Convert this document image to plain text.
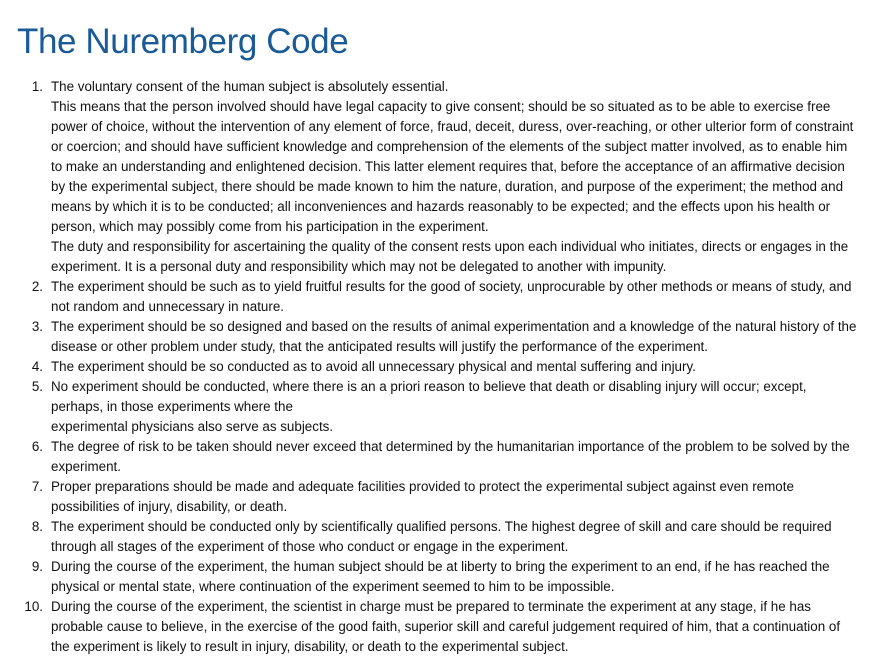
The Nuremberg Code
1. The voluntary consent of the human subject is absolutely essential.
This means that the person involved should have legal capacity to give consent; should be so situated as to be able to exercise free power of choice, without the intervention of any element of force, fraud, deceit, duress, over-reaching, or other ulterior form of constraint or coercion; and should have sufficient knowledge and comprehension of the elements of the subject matter involved, as to enable him to make an understanding and enlightened decision. This latter element requires that, before the acceptance of an affirmative decision by the experimental subject, there should be made known to him the nature, duration, and purpose of the experiment; the method and means by which it is to be conducted; all inconveniences and hazards reasonably to be expected; and the effects upon his health or person, which may possibly come from his participation in the experiment.
The duty and responsibility for ascertaining the quality of the consent rests upon each individual who initiates, directs or engages in the experiment. It is a personal duty and responsibility which may not be delegated to another with impunity.
2. The experiment should be such as to yield fruitful results for the good of society, unprocurable by other methods or means of study, and not random and unnecessary in nature.
3. The experiment should be so designed and based on the results of animal experimentation and a knowledge of the natural history of the disease or other problem under study, that the anticipated results will justify the performance of the experiment.
4. The experiment should be so conducted as to avoid all unnecessary physical and mental suffering and injury.
5. No experiment should be conducted, where there is an a priori reason to believe that death or disabling injury will occur; except, perhaps, in those experiments where the
experimental physicians also serve as subjects.
6. The degree of risk to be taken should never exceed that determined by the humanitarian importance of the problem to be solved by the experiment.
7. Proper preparations should be made and adequate facilities provided to protect the experimental subject against even remote possibilities of injury, disability, or death.
8. The experiment should be conducted only by scientifically qualified persons. The highest degree of skill and care should be required through all stages of the experiment of those who conduct or engage in the experiment.
9. During the course of the experiment, the human subject should be at liberty to bring the experiment to an end, if he has reached the physical or mental state, where continuation of the experiment seemed to him to be impossible.
10. During the course of the experiment, the scientist in charge must be prepared to terminate the experiment at any stage, if he has probable cause to believe, in the exercise of the good faith, superior skill and careful judgement required of him, that a continuation of the experiment is likely to result in injury, disability, or death to the experimental subject.
